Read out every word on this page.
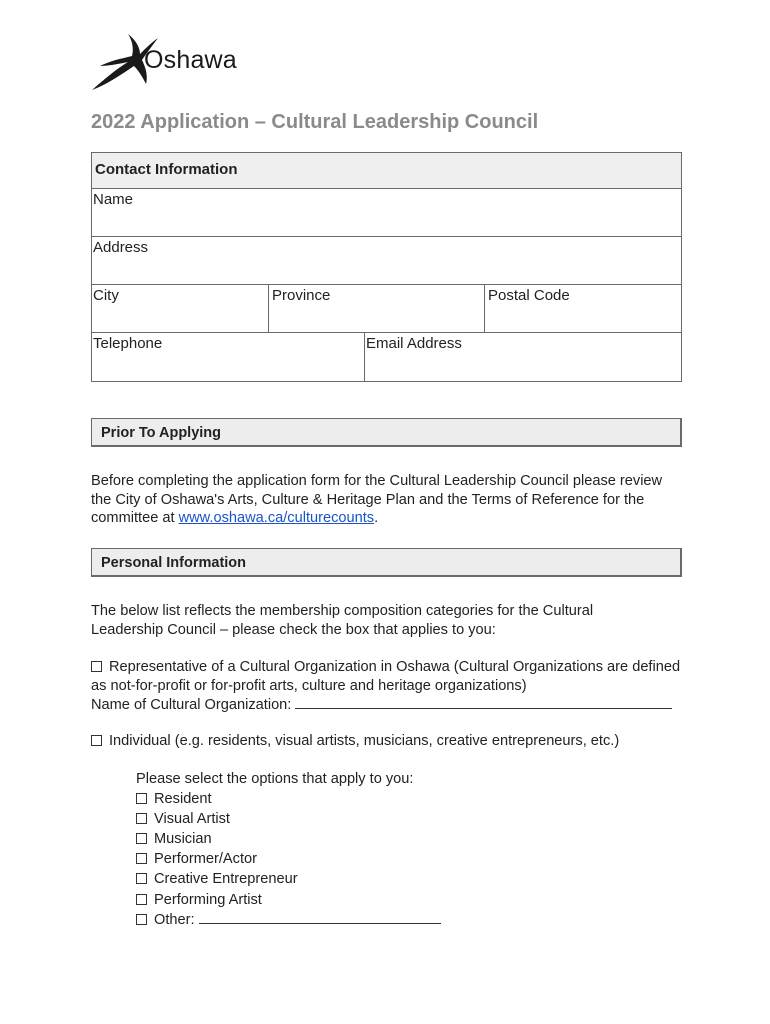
Oshawa
2022 Application – Cultural Leadership Council
Contact Information
Name
Address
City	Province	Postal Code
Telephone	Email Address
Prior To Applying

Before completing the application form for the Cultural Leadership Council please review the City of Oshawa's Arts, Culture & Heritage Plan and the Terms of Reference for the committee at www.oshawa.ca/culturecounts.

Personal Information

The below list reflects the membership composition categories for the Cultural Leadership Council – please check the box that applies to you:

Representative of a Cultural Organization in Oshawa (Cultural Organizations are defined as not-for-profit or for-profit arts, culture and heritage organizations)

Name of Cultural Organization:

Individual (e.g. residents, visual artists, musicians, creative entrepreneurs, etc.)

Please select the options that apply to you:
Resident
Visual Artist
Musician
Performer/Actor
Creative Entrepreneur
Performing Artist
Other:
